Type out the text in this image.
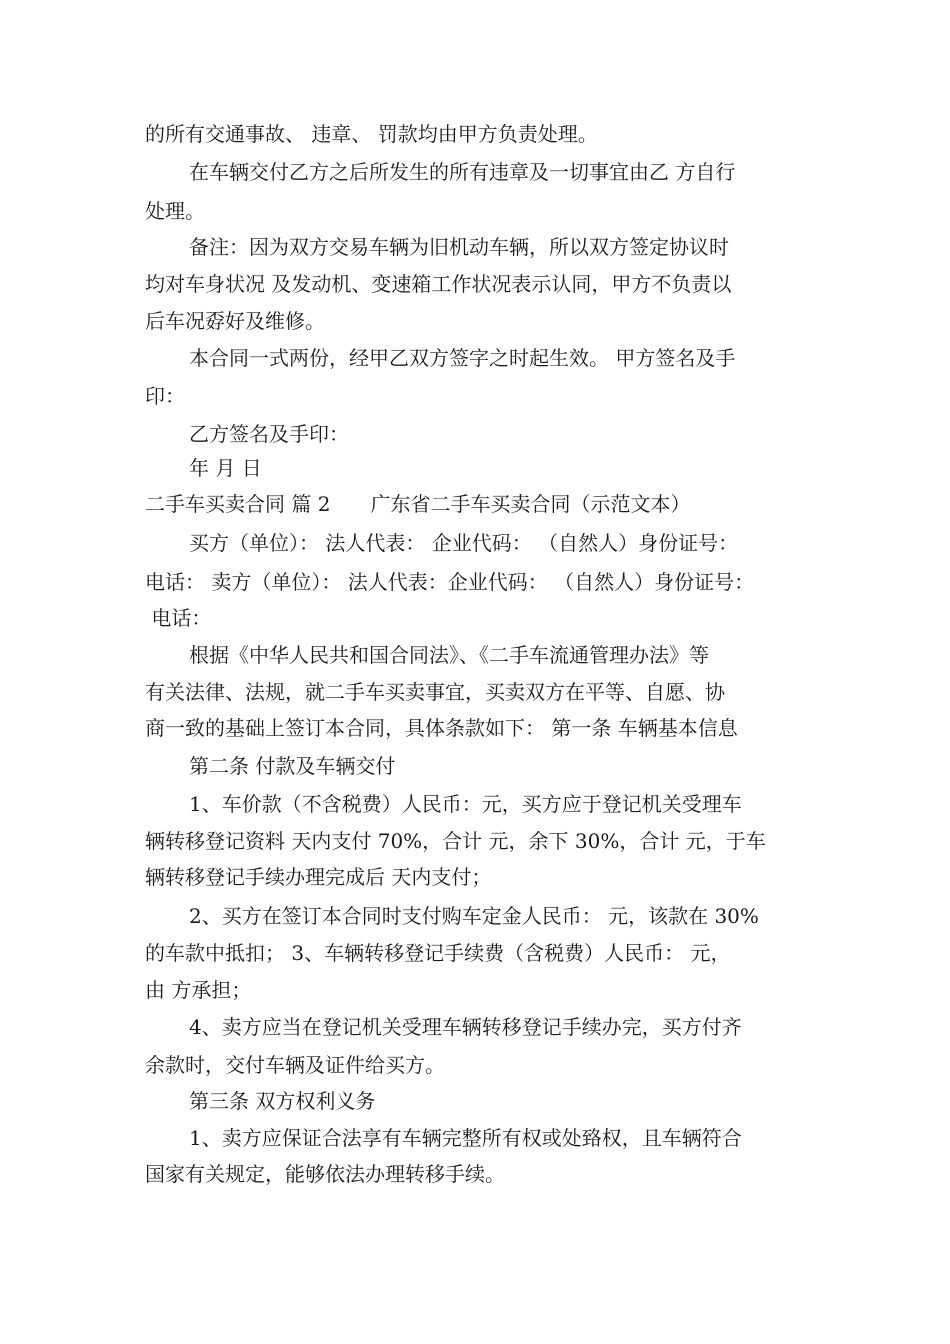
的所有交通事故、 违章、 罚款均由甲方负责处理。
在车辆交付乙方之后所发生的所有违章及一切事宜由乙 方自行
处理。
备注：因为双方交易车辆为旧机动车辆，所以双方签定协议时
均对车身状况 及发动机、变速箱工作状况表示认同，甲方不负责以
后车况孬好及维修。
本合同一式两份，经甲乙双方签字之时起生效。 甲方签名及手
印：
乙方签名及手印：
年 月 日
二手车买卖合同 篇 2　　广东省二手车买卖合同（示范文本）
买方（单位）： 法人代表： 企业代码： （自然人）身份证号：
电话： 卖方（单位）： 法人代表：企业代码： （自然人）身份证号：
电话：
根据《中华人民共和国合同法》、《二手车流通管理办法》等
有关法律、法规，就二手车买卖事宜，买卖双方在平等、自愿、协
商一致的基础上签订本合同，具体条款如下： 第一条 车辆基本信息
第二条 付款及车辆交付
1、车价款（不含税费）人民币：元，买方应于登记机关受理车
辆转移登记资料 天内支付 70%，合计 元，余下 30%，合计 元，于车
辆转移登记手续办理完成后 天内支付；
2、买方在签订本合同时支付购车定金人民币： 元，该款在 30%
的车款中抵扣； 3、车辆转移登记手续费（含税费）人民币： 元，
由 方承担；
4、卖方应当在登记机关受理车辆转移登记手续办完，买方付齐
余款时，交付车辆及证件给买方。
第三条 双方权利义务
1、卖方应保证合法享有车辆完整所有权或处臵权，且车辆符合
国家有关规定，能够依法办理转移手续。
